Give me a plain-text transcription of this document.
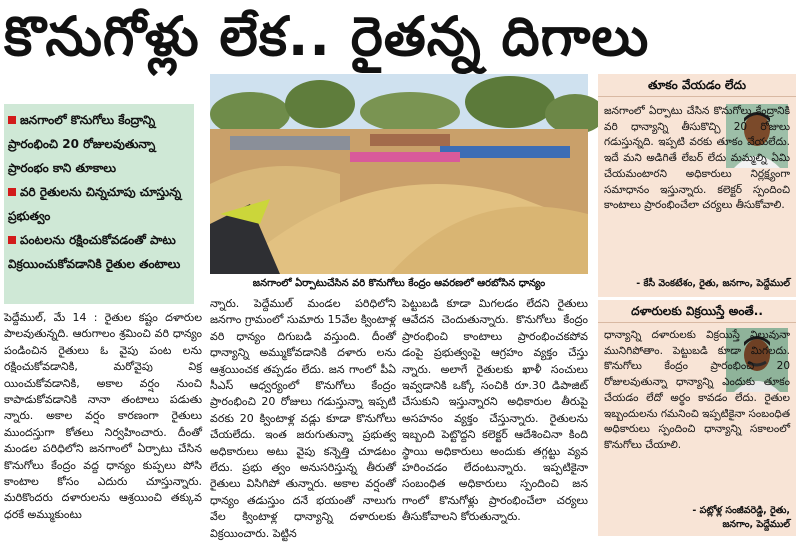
కొనుగోళ్లు లేక.. రైతన్న దిగాలు
జనగాంలో కొనుగోలు కేంద్రాన్ని ప్రారంభించి 20 రోజులవుతున్నా ప్రారంభం కాని తూకాలు
వరి రైతులను చిన్నచూపు చూస్తున్న ప్రభుత్వం
పంటలను రక్షించుకోవడంతో పాటు విక్రయించుకోవడానికి రైతుల తంటాలు
జనగాంలో ఏర్పాటుచేసిన వరి కొనుగోలు కేంద్రం ఆవరణలో ఆరబోసిన ధాన్యం
పెద్దేముల్, మే 14 : రైతుల కష్టం దళారుల పాలవుతున్నది. ఆరుగాలం శ్రమించి వరి ధాన్యం పండించిన రైతులు ఓ వైపు పంట లను రక్షించుకోవడానికి, మరోవైపు విక్ర యించుకోవడానికి, అకాల వర్షం నుంచి కాపాడుకోవడానికి నానా తంటాలు పడుతు న్నారు. అకాల వర్షం కారణంగా రైతులు ముందస్తుగా కోతలు నిర్వహించారు. దీంతో మండల పరిధిలోని జనగాంలో ఏర్పాటు చేసిన కొనుగోలు కేంద్రం వద్ద ధాన్యం కుప్పలు పోసి కాంటాల కోసం ఎదురు చూస్తున్నారు. మరికొందరు దళారులను ఆశ్రయించి తక్కువ ధరకే అమ్ముకుంటు
న్నారు. పెద్దేముల్ మండల పరిధిలోని జనగాం గ్రామంలో సుమారు 15వేల క్వింటాళ్ల వరి ధాన్యం దిగుబడి వస్తుంది. దీంతో ధాన్యాన్ని అమ్ముకోవడానికి దళారు లను ఆశ్రయించక తప్పడం లేదు. జన గాంలో పీఏ సీఎస్ ఆధ్వర్యంలో కొనుగోలు కేంద్రం ప్రారంభించి 20 రోజులు గడుస్తున్నా ఇప్పటి వరకు 20 క్వింటాళ్ల వడ్లు కూడా కొనుగోలు చేయలేదు. ఇంత జరుగుతున్నా ప్రభుత్వ అధికారులు అటు వైపు కన్నెత్తి చూడటం లేదు. ప్రభు త్వం అనుసరిస్తున్న తీరుతో రైతులు విసిగిపో తున్నారు. అకాల వర్షంతో ధాన్యం తడుస్తుం దనే భయంతో నాలుగు వేల క్వింటాళ్ల ధాన్యాన్ని దళారులకు విక్రయించారు. పెట్టిన
పెట్టుబడి కూడా మిగలడం లేదని రైతులు ఆవేదన చెందుతున్నారు. కొనుగోలు కేంద్రం ప్రారంభించి కాంటాలు ప్రారంభించకపోవ డంపై ప్రభుత్వంపై ఆగ్రహం వ్యక్తం చేస్తు న్నారు. అలాగే రైతులకు ఖాళీ సంచులు ఇవ్వడానికి ఒక్కో సంచికి రూ.30 డిపాజిట్ చేసుకుని ఇస్తున్నారని అధికారుల తీరుపై అసహనం వ్యక్తం చేస్తున్నారు. రైతులను ఇబ్బంది పెట్టొద్దని కలెక్టర్ ఆదేశించినా కింది స్థాయి అధికారులు అందుకు తగ్గట్టు వ్యవ హరించడం లేదంటున్నారు. ఇప్పటికైనా సంబంధిత అధికారులు స్పందించి జన గాంలో కొనుగోళ్లు ప్రారంభించేలా చర్యలు తీసుకోవాలని కోరుతున్నారు.
తూకం వేయడం లేదు
జనగాంలో ఏర్పాటు చేసిన కొనుగోలు కేంద్రానికి వరి ధాన్యాన్ని తీసుకొచ్చి 20 రోజులు గడుస్తున్నది. ఇప్పటి వరకు తూకం వేయలేదు. ఇదే మని అడిగితే లేబర్ లేదు మమ్మల్ని ఏమి చేయమంటారని అధికారులు నిర్లక్ష్యంగా సమాధానం ఇస్తున్నారు. కలెక్టర్ స్పందించి కాంటాలు ప్రారంభించేలా చర్యలు తీసుకోవాలి.
- కేసీ వెంకటేశం, రైతు, జనగాం, పెద్దేముల్
దళారులకు విక్రయిస్తే అంతే..
ధాన్యాన్ని దళారులకు విక్రయిస్తే నిలువునా మునిగిపోతాం. పెట్టుబడి కూడా మిగలదు. కొనుగోలు కేంద్రం ప్రారంభించి 20 రోజులవుతున్నా ధాన్యాన్ని ఎందుకు తూకం చేయడం లేదో అర్థం కావడం లేదు. రైతుల ఇబ్బందులను గమనించి ఇప్పటికైనా సంబంధిత అధికారులు స్పందించి ధాన్యాన్ని సకాలంలో కొనుగోలు చేయాలి.
- పట్లోళ్ల సంజీవరెడ్డి, రైతు,
జనగాం, పెద్దేముల్
